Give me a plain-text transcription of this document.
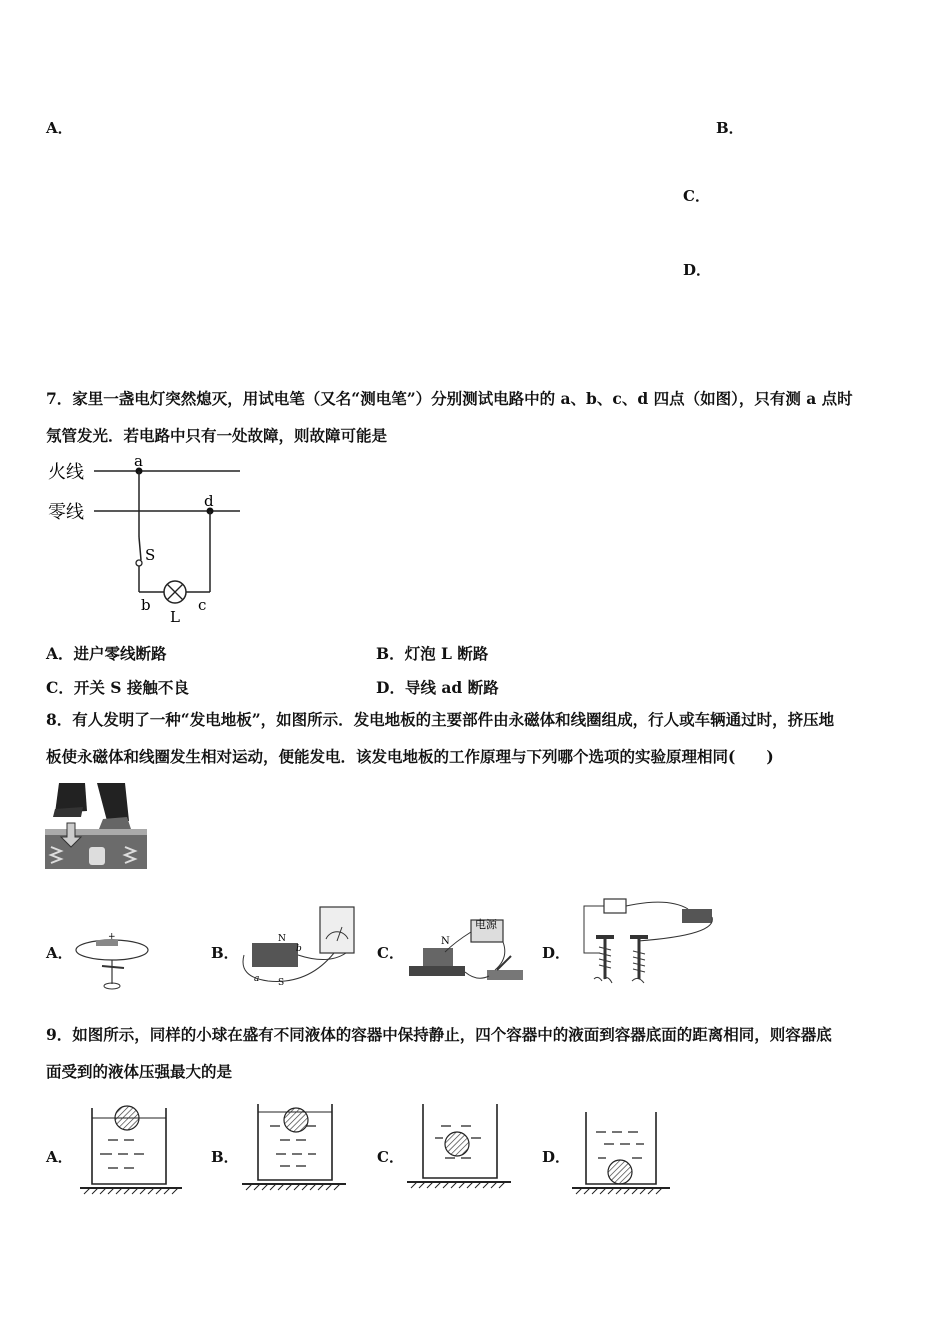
A．	B．
C．
D．
7．家里一盏电灯突然熄灭，用试电笔（又名“测电笔”）分别测试电路中的 a、b、c、d 四点（如图），只有测 a 点时
氖管发光．若电路中只有一处故障，则故障可能是
火线
零线
a
d
S
b	c
L
A．进户零线断路	B．灯泡 L 断路
C．开关 S 接触不良	D．导线 ad 断路
8．有人发明了一种“发电地板”，如图所示．发电地板的主要部件由永磁体和线圈组成，行人或车辆通过时，挤压地
板使永磁体和线圈发生相对运动，便能发电．该发电地板的工作原理与下列哪个选项的实验原理相同(　　)
A．
+
B．
N
S
a
b	C．
电源
N
D．
9．如图所示，同样的小球在盛有不同液体的容器中保持静止，四个容器中的液面到容器底面的距离相同，则容器底
面受到的液体压强最大的是
A．	B．	C．	D．
